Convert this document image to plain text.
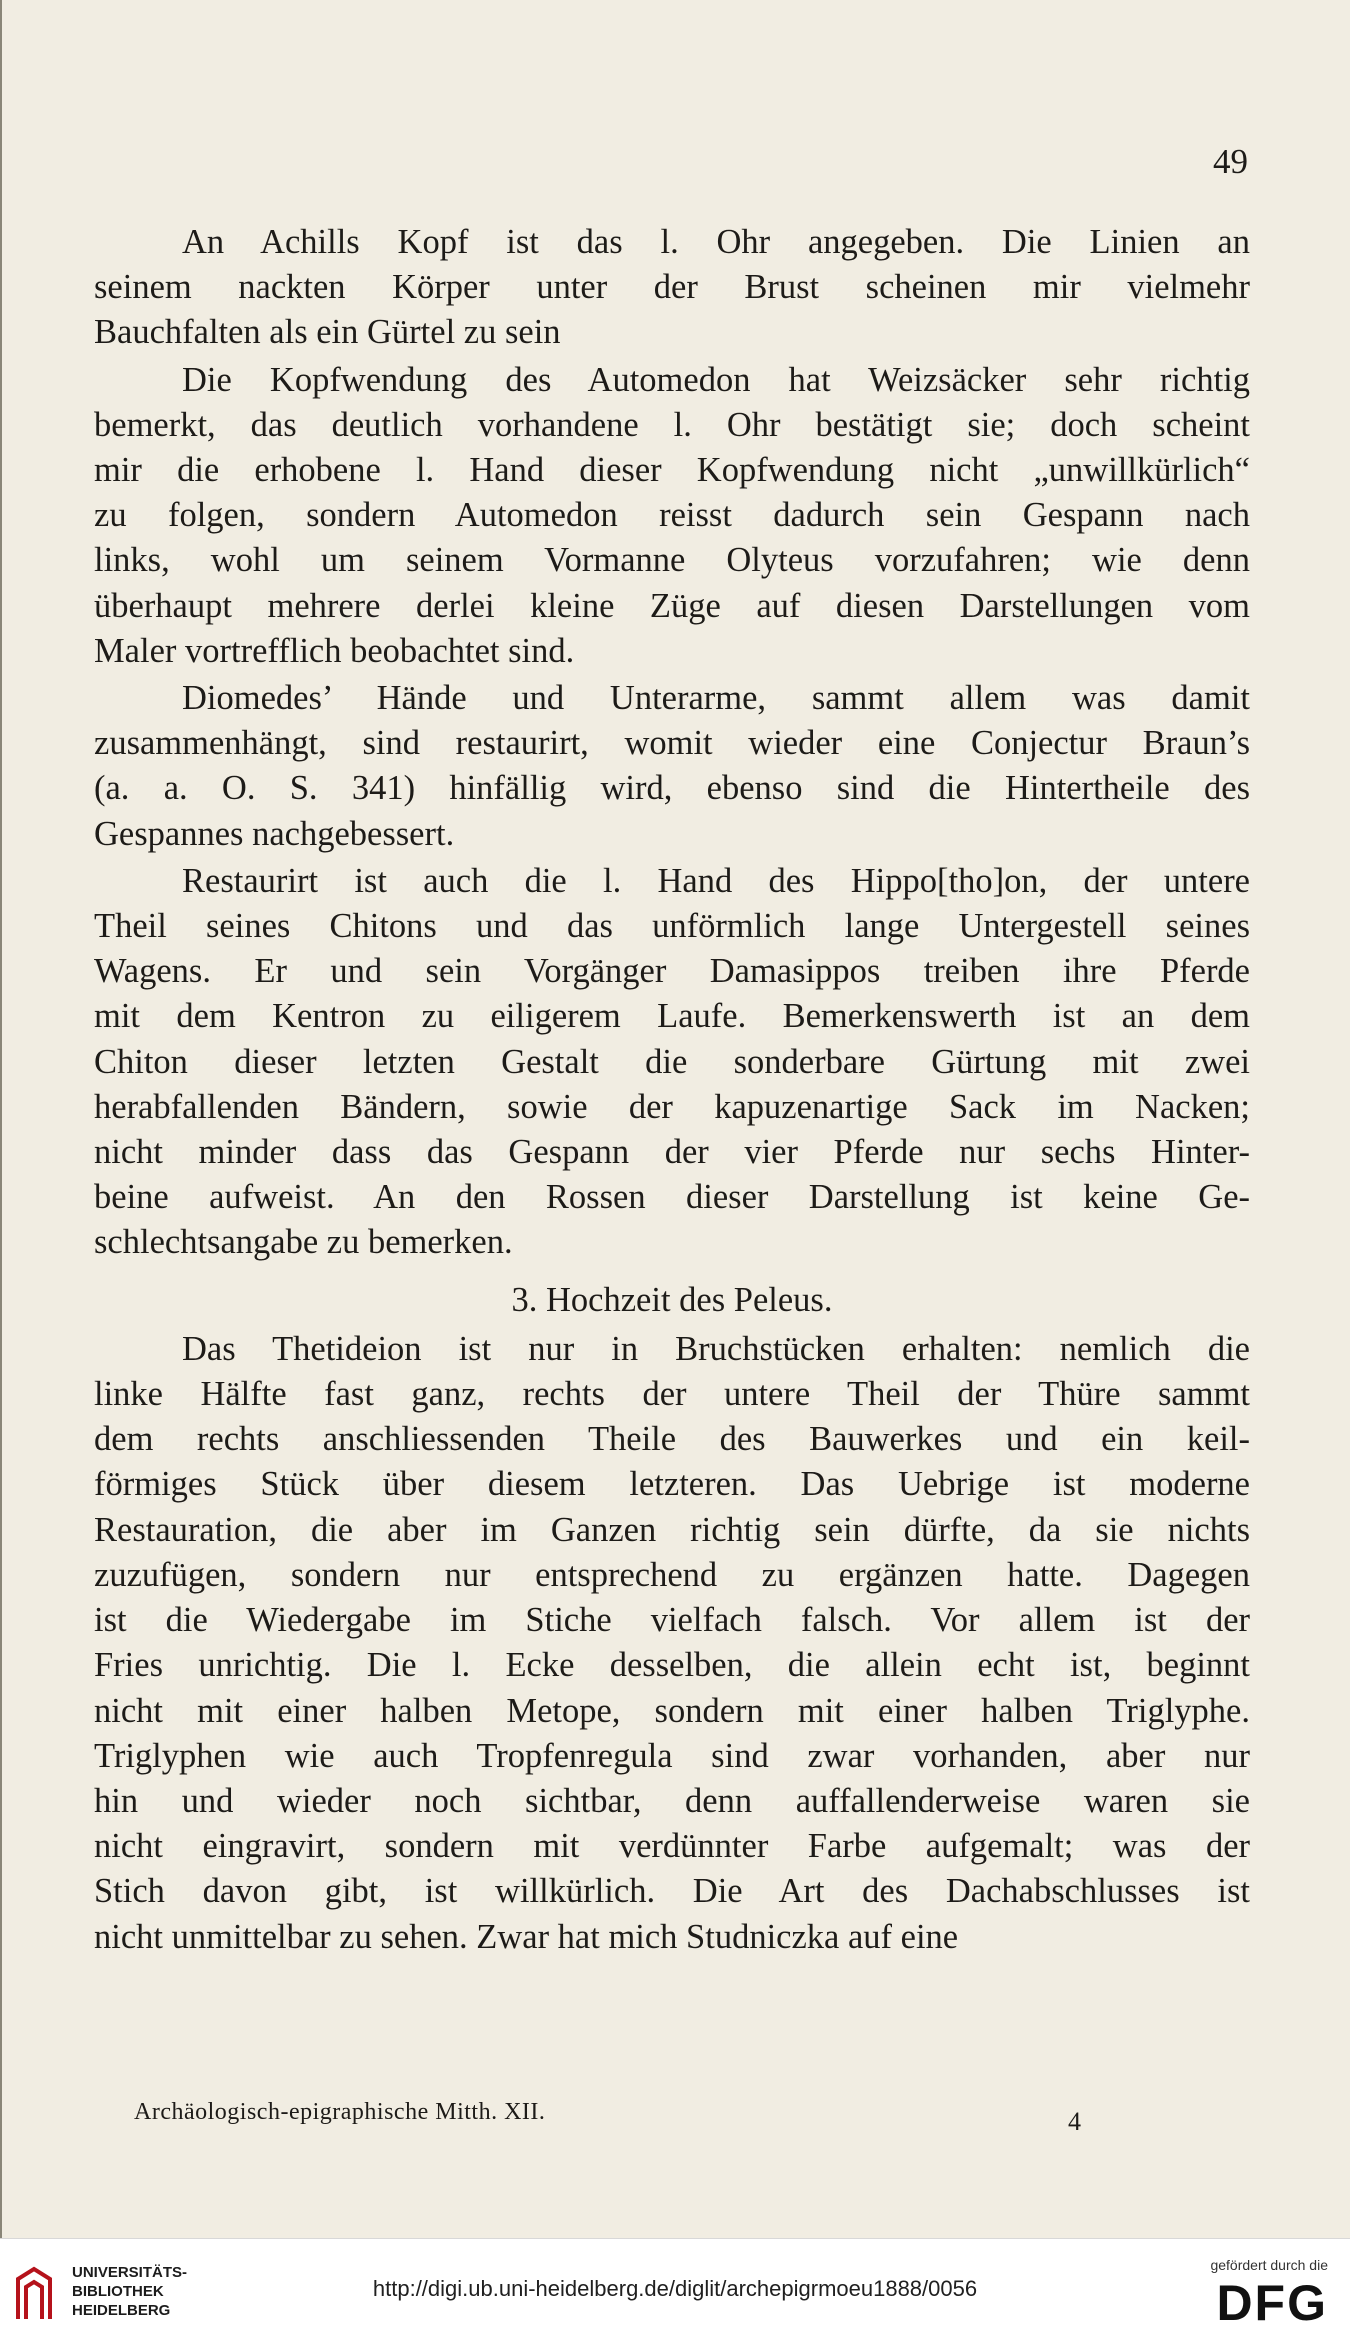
49
An Achills Kopf ist das l. Ohr angegeben. Die Linien an
seinem nackten Körper unter der Brust scheinen mir vielmehr
Bauchfalten als ein Gürtel zu sein
Die Kopfwendung des Automedon hat Weizsäcker sehr richtig
bemerkt, das deutlich vorhandene l. Ohr bestätigt sie; doch scheint
mir die erhobene l. Hand dieser Kopfwendung nicht „unwillkürlich“
zu folgen, sondern Automedon reisst dadurch sein Gespann nach
links, wohl um seinem Vormanne Olyteus vorzufahren; wie denn
überhaupt mehrere derlei kleine Züge auf diesen Darstellungen vom
Maler vortrefflich beobachtet sind.
Diomedes’ Hände und Unterarme, sammt allem was damit
zusammenhängt, sind restaurirt, womit wieder eine Conjectur Braun’s
(a. a. O. S. 341) hinfällig wird, ebenso sind die Hintertheile des
Gespannes nachgebessert.
Restaurirt ist auch die l. Hand des Hippo[tho]on, der untere
Theil seines Chitons und das unförmlich lange Untergestell seines
Wagens. Er und sein Vorgänger Damasippos treiben ihre Pferde
mit dem Kentron zu eiligerem Laufe. Bemerkenswerth ist an dem
Chiton dieser letzten Gestalt die sonderbare Gürtung mit zwei
herabfallenden Bändern, sowie der kapuzenartige Sack im Nacken;
nicht minder dass das Gespann der vier Pferde nur sechs Hinter-
beine aufweist. An den Rossen dieser Darstellung ist keine Ge-
schlechtsangabe zu bemerken.
3. Hochzeit des Peleus.
Das Thetideion ist nur in Bruchstücken erhalten: nemlich die
linke Hälfte fast ganz, rechts der untere Theil der Thüre sammt
dem rechts anschliessenden Theile des Bauwerkes und ein keil-
förmiges Stück über diesem letzteren. Das Uebrige ist moderne
Restauration, die aber im Ganzen richtig sein dürfte, da sie nichts
zuzufügen, sondern nur entsprechend zu ergänzen hatte. Dagegen
ist die Wiedergabe im Stiche vielfach falsch. Vor allem ist der
Fries unrichtig. Die l. Ecke desselben, die allein echt ist, beginnt
nicht mit einer halben Metope, sondern mit einer halben Triglyphe.
Triglyphen wie auch Tropfenregula sind zwar vorhanden, aber nur
hin und wieder noch sichtbar, denn auffallenderweise waren sie
nicht eingravirt, sondern mit verdünnter Farbe aufgemalt; was der
Stich davon gibt, ist willkürlich. Die Art des Dachabschlusses ist
nicht unmittelbar zu sehen. Zwar hat mich Studniczka auf eine
Archäologisch-epigraphische Mitth. XII.	4
UNIVERSITÄTS-
BIBLIOTHEK
HEIDELBERG
http://digi.ub.uni-heidelberg.de/diglit/archepigrmoeu1888/0056
gefördert durch die
DFG
